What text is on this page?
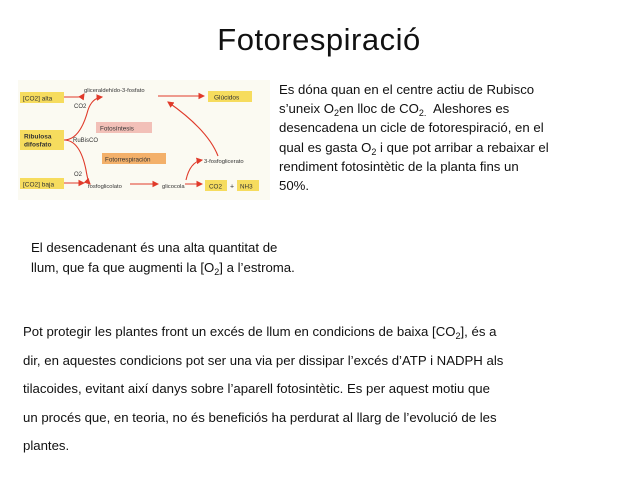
Fotorespiració
[CO2] alta
Ribulosa
difosfato
[CO2] baja
CO2
O2
RuBisCO
gliceraldehído-3-fosfato
Glúcidos
Fotosíntesis
Fotorrespiración	3-fosfoglicerato
fosfoglicolato	glicocola	CO2 + NH3
Es dóna quan en el centre actiu de Rubisco
s’uneix $O_2en$ lloc de $CO_{2.}$  Aleshores es
desencadena un cicle de fotorespiració, en el
qual es gasta $O_2$ i que pot arribar a rebaixar el
rendiment fotosintètic de la planta fins un
50%.
El desencadenant és una alta quantitat de
llum, que fa que augmenti la $[O_2]$ a l’estroma.
Pot protegir les plantes front un excés de llum en condicions de baixa $[CO_2]$, és a
dir, en aquestes condicions pot ser una via per dissipar l’excés d’ATP i NADPH als
tilacoides, evitant així danys sobre l’aparell fotosintètic. Es per aquest motiu que
un procés que, en teoria, no és beneficiós ha perdurat al llarg de l’evolució de les
plantes.
